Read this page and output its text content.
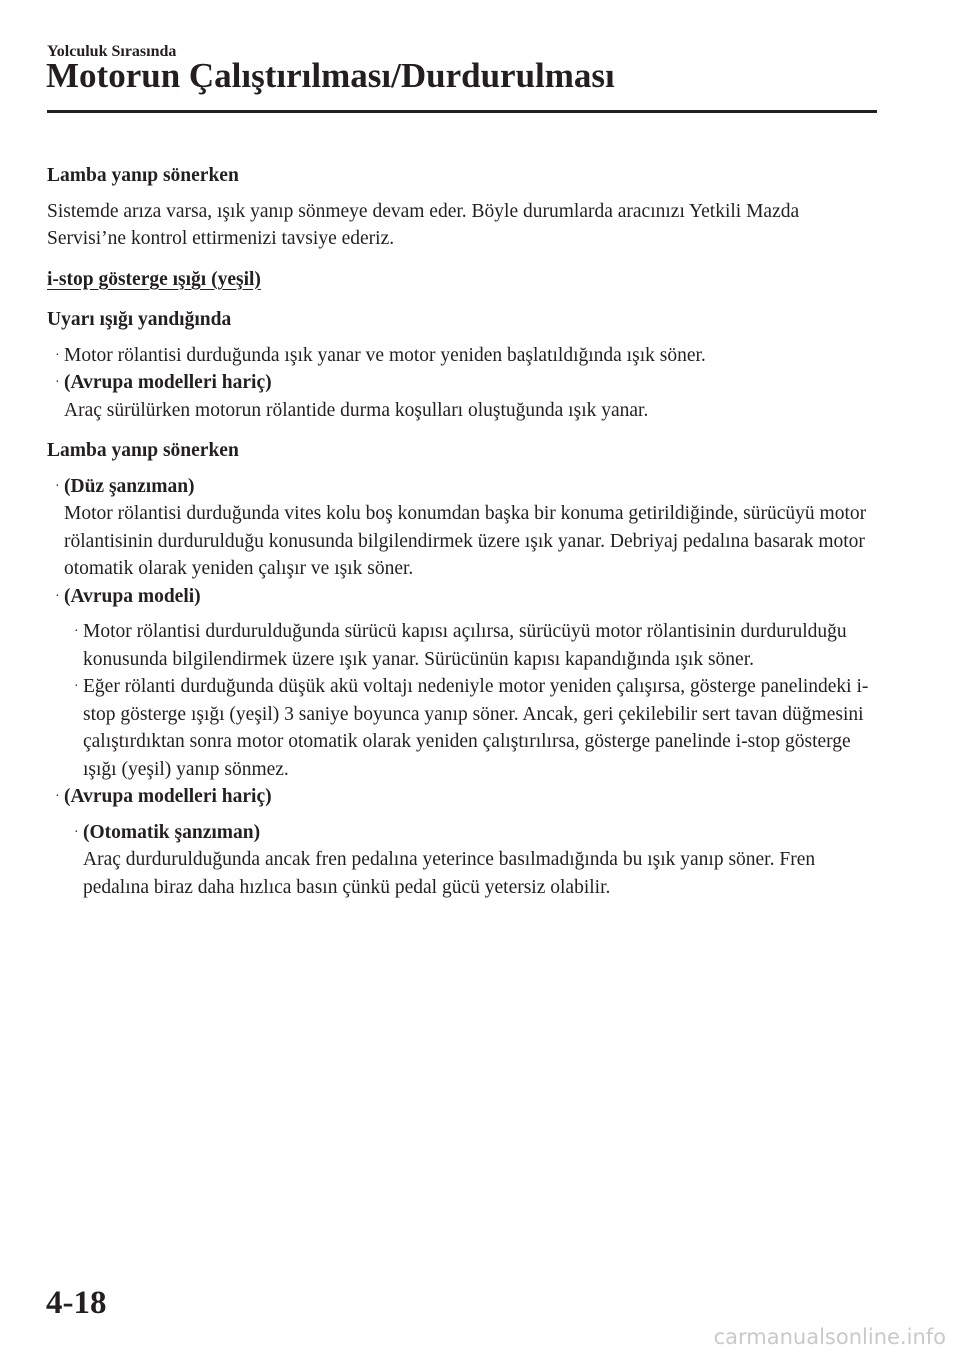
Yolculuk Sırasında
Motorun Çalıştırılması/Durdurulması

Lamba yanıp sönerken

Sistemde arıza varsa, ışık yanıp sönmeye devam eder. Böyle durumlarda aracınızı Yetkili Mazda Servisi’ne kontrol ettirmenizi tavsiye ederiz.

i-stop gösterge ışığı (yeşil)

Uyarı ışığı yandığında

· Motor rölantisi durduğunda ışık yanar ve motor yeniden başlatıldığında ışık söner.
· (Avrupa modelleri hariç)
Araç sürülürken motorun rölantide durma koşulları oluştuğunda ışık yanar.

Lamba yanıp sönerken

· (Düz şanzıman)
Motor rölantisi durduğunda vites kolu boş konumdan başka bir konuma getirildiğinde, sürücüyü motor rölantisinin durdurulduğu konusunda bilgilendirmek üzere ışık yanar. Debriyaj pedalına basarak motor otomatik olarak yeniden çalışır ve ışık söner.
· (Avrupa modeli)
· Motor rölantisi durdurulduğunda sürücü kapısı açılırsa, sürücüyü motor rölantisinin durdurulduğu konusunda bilgilendirmek üzere ışık yanar. Sürücünün kapısı kapandığında ışık söner.
· Eğer rölanti durduğunda düşük akü voltajı nedeniyle motor yeniden çalışırsa, gösterge panelindeki i-stop gösterge ışığı (yeşil) 3 saniye boyunca yanıp söner. Ancak, geri çekilebilir sert tavan düğmesini çalıştırdıktan sonra motor otomatik olarak yeniden çalıştırılırsa, gösterge panelinde i-stop gösterge ışığı (yeşil) yanıp sönmez.
· (Avrupa modelleri hariç)
· (Otomatik şanzıman)
Araç durdurulduğunda ancak fren pedalına yeterince basılmadığında bu ışık yanıp söner. Fren pedalına biraz daha hızlıca basın çünkü pedal gücü yetersiz olabilir.
4-18
carmanualsonline.info
